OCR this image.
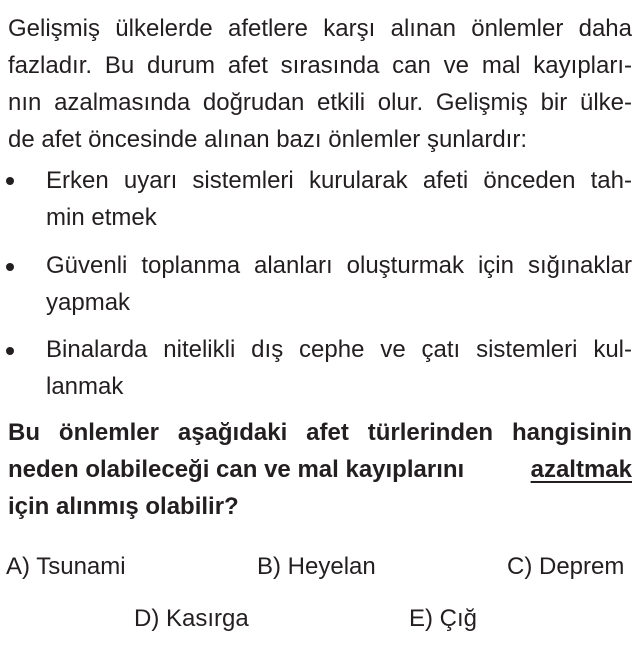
Gelişmiş ülkelerde afetlere karşı alınan önlemler daha
fazladır. Bu durum afet sırasında can ve mal kayıpları-
nın azalmasında doğrudan etkili olur. Gelişmiş bir ülke-
de afet öncesinde alınan bazı önlemler şunlardır:
Erken uyarı sistemleri kurularak afeti önceden tah-
min etmek
Güvenli toplanma alanları oluşturmak için sığınaklar
yapmak
Binalarda nitelikli dış cephe ve çatı sistemleri kul-
lanmak
Bu önlemler aşağıdaki afet türlerinden hangisinin
neden olabileceği can ve mal kayıplarını	azaltmak
için alınmış olabilir?
A) Tsunami	B) Heyelan	C) Deprem
D) Kasırga	E) Çığ
